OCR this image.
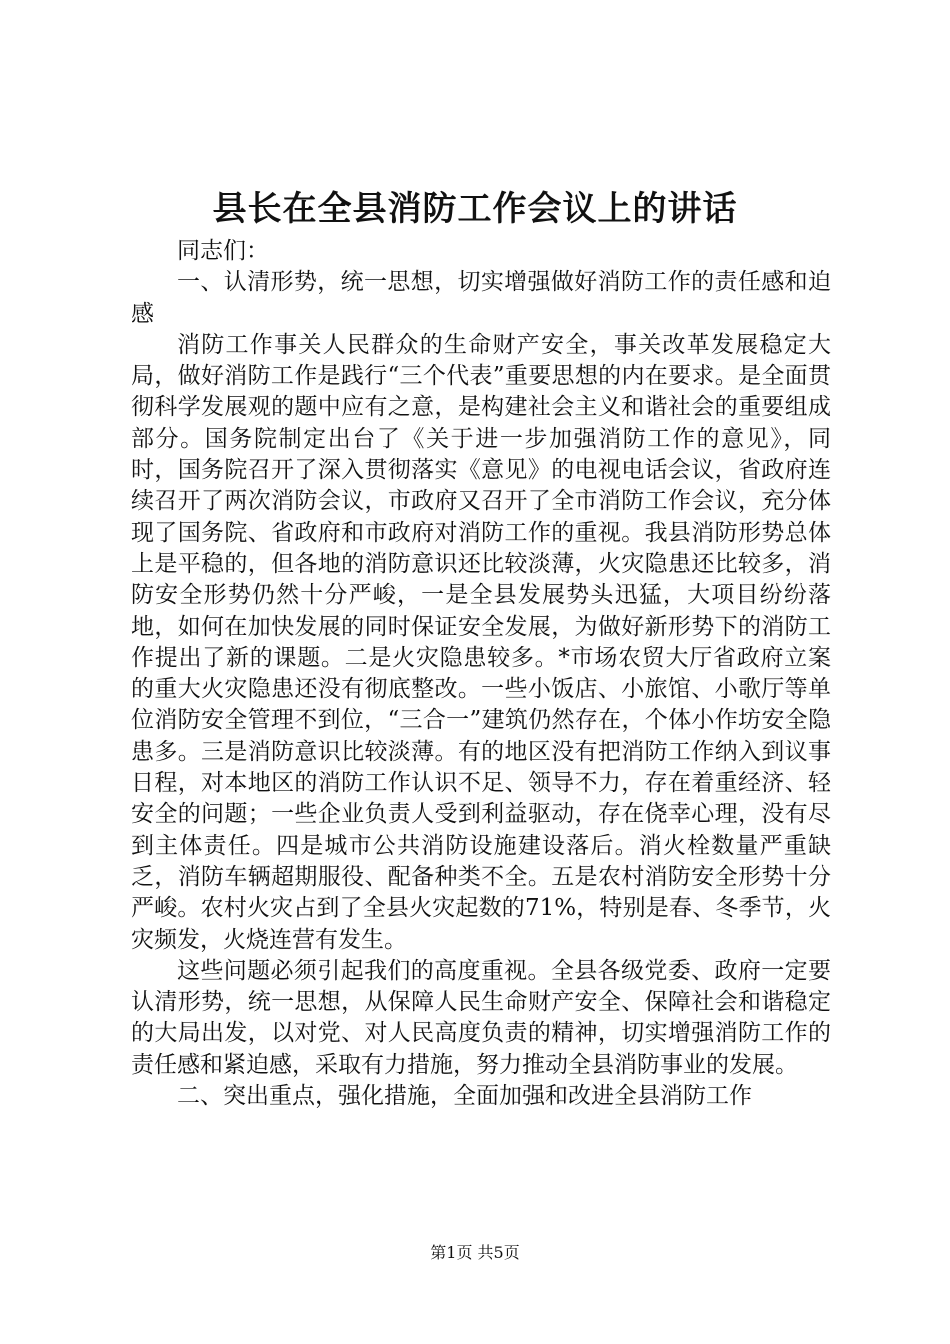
县长在全县消防工作会议上的讲话

同志们：

一、认清形势，统一思想，切实增强做好消防工作的责任感和迫感

消防工作事关人民群众的生命财产安全，事关改革发展稳定大局，做好消防工作是践行“三个代表”重要思想的内在要求。是全面贯彻科学发展观的题中应有之意，是构建社会主义和谐社会的重要组成部分。国务院制定出台了《关于进一步加强消防工作的意见》，同时，国务院召开了深入贯彻落实《意见》的电视电话会议，省政府连续召开了两次消防会议，市政府又召开了全市消防工作会议，充分体现了国务院、省政府和市政府对消防工作的重视。我县消防形势总体上是平稳的，但各地的消防意识还比较淡薄，火灾隐患还比较多，消防安全形势仍然十分严峻，一是全县发展势头迅猛，大项目纷纷落地，如何在加快发展的同时保证安全发展，为做好新形势下的消防工作提出了新的课题。二是火灾隐患较多。*市场农贸大厅省政府立案的重大火灾隐患还没有彻底整改。一些小饭店、小旅馆、小歌厅等单位消防安全管理不到位，“三合一”建筑仍然存在，个体小作坊安全隐患多。三是消防意识比较淡薄。有的地区没有把消防工作纳入到议事日程，对本地区的消防工作认识不足、领导不力，存在着重经济、轻安全的问题；一些企业负责人受到利益驱动，存在侥幸心理，没有尽到主体责任。四是城市公共消防设施建设落后。消火栓数量严重缺乏，消防车辆超期服役、配备种类不全。五是农村消防安全形势十分严峻。农村火灾占到了全县火灾起数的71%，特别是春、冬季节，火灾频发，火烧连营有发生。

这些问题必须引起我们的高度重视。全县各级党委、政府一定要认清形势，统一思想，从保障人民生命财产安全、保障社会和谐稳定的大局出发，以对党、对人民高度负责的精神，切实增强消防工作的责任感和紧迫感，采取有力措施，努力推动全县消防事业的发展。

二、突出重点，强化措施，全面加强和改进全县消防工作

第1页 共5页
